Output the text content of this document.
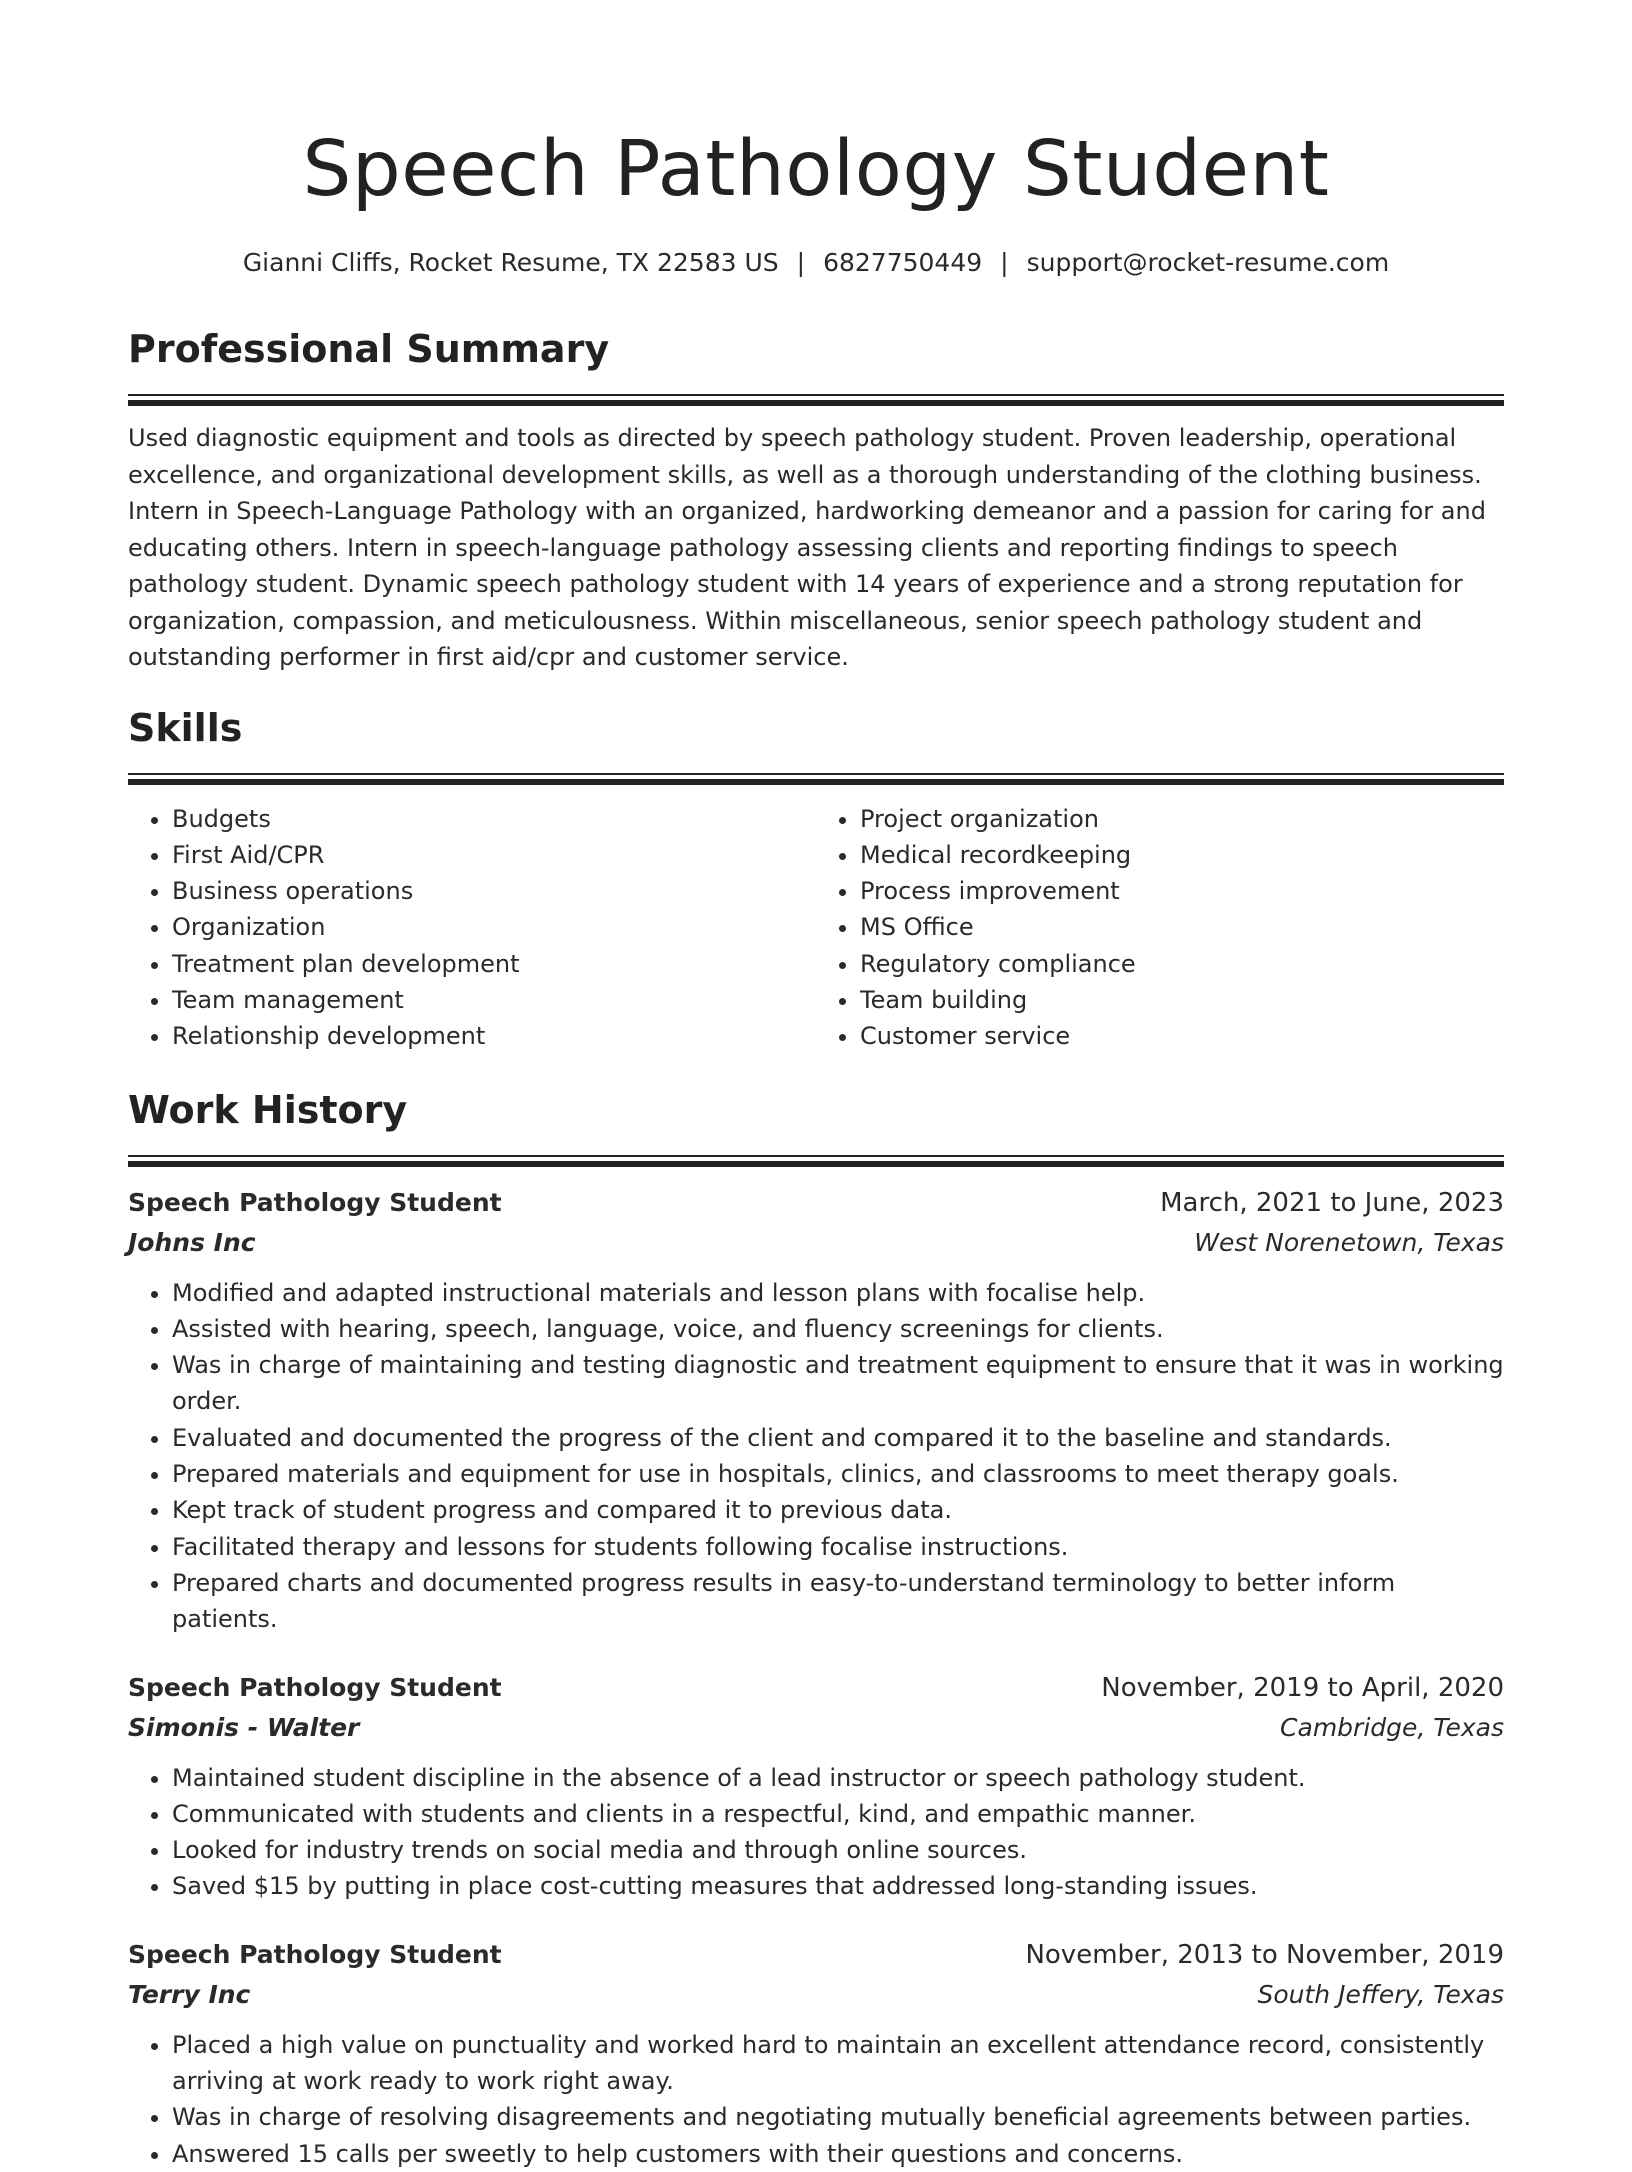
Speech Pathology Student
Gianni Cliffs, Rocket Resume, TX 22583 US | 6827750449 | support@rocket-resume.com
Professional Summary

Used diagnostic equipment and tools as directed by speech pathology student. Proven leadership, operational excellence, and organizational development skills, as well as a thorough understanding of the clothing business. Intern in Speech-Language Pathology with an organized, hardworking demeanor and a passion for caring for and educating others. Intern in speech-language pathology assessing clients and reporting findings to speech pathology student. Dynamic speech pathology student with 14 years of experience and a strong reputation for organization, compassion, and meticulousness. Within miscellaneous, senior speech pathology student and outstanding performer in first aid/cpr and customer service.

Skills
• Budgets
• First Aid/CPR
• Business operations
• Organization
• Treatment plan development
• Team management
• Relationship development
• Project organization
• Medical recordkeeping
• Process improvement
• MS Office
• Regulatory compliance
• Team building
• Customer service
Work History
Speech Pathology Student	March, 2021 to June, 2023
Johns Inc	West Norenetown, Texas
• Modified and adapted instructional materials and lesson plans with focalise help.
• Assisted with hearing, speech, language, voice, and fluency screenings for clients.
• Was in charge of maintaining and testing diagnostic and treatment equipment to ensure that it was in working order.
• Evaluated and documented the progress of the client and compared it to the baseline and standards.
• Prepared materials and equipment for use in hospitals, clinics, and classrooms to meet therapy goals.
• Kept track of student progress and compared it to previous data.
• Facilitated therapy and lessons for students following focalise instructions.
• Prepared charts and documented progress results in easy-to-understand terminology to better inform patients.
Speech Pathology Student	November, 2019 to April, 2020
Simonis - Walter	Cambridge, Texas
• Maintained student discipline in the absence of a lead instructor or speech pathology student.
• Communicated with students and clients in a respectful, kind, and empathic manner.
• Looked for industry trends on social media and through online sources.
• Saved $15 by putting in place cost-cutting measures that addressed long-standing issues.
Speech Pathology Student	November, 2013 to November, 2019
Terry Inc	South Jeffery, Texas
• Placed a high value on punctuality and worked hard to maintain an excellent attendance record, consistently arriving at work ready to work right away.
• Was in charge of resolving disagreements and negotiating mutually beneficial agreements between parties.
• Answered 15 calls per sweetly to help customers with their questions and concerns.
